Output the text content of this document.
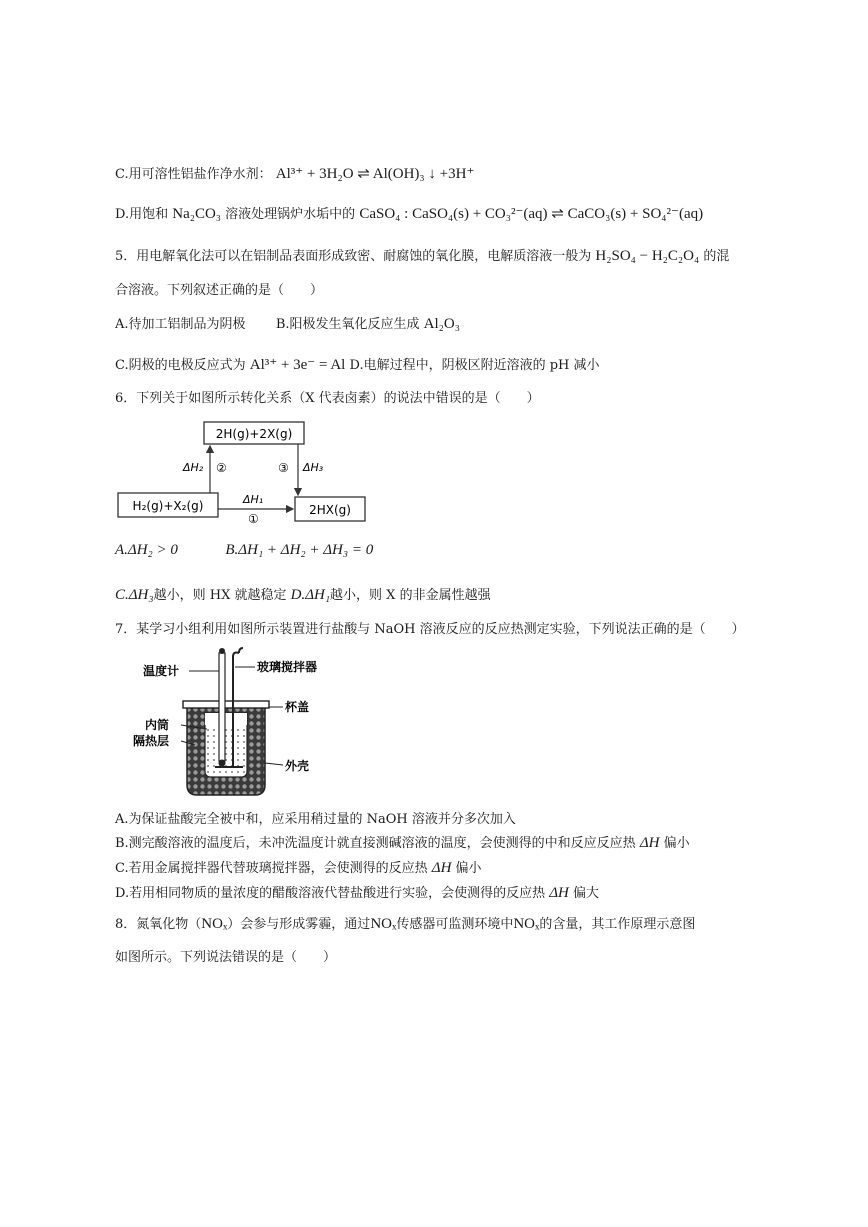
C.用可溶性铝盐作净水剂： Al³⁺ + 3H₂O ⇌ Al(OH)₃ ↓ +3H⁺
D.用饱和 Na₂CO₃ 溶液处理锅炉水垢中的 CaSO₄ : CaSO₄(s) + CO₃²⁻(aq) ⇌ CaCO₃(s) + SO₄²⁻(aq)
5．用电解氧化法可以在铝制品表面形成致密、耐腐蚀的氧化膜，电解质溶液一般为 H₂SO₄ − H₂C₂O₄ 的混
合溶液。下列叙述正确的是（　　）
A.待加工铝制品为阴极 B.阳极发生氧化反应生成 Al₂O₃
C.阴极的电极反应式为 Al³⁺ + 3e⁻ = Al D.电解过程中，阴极区附近溶液的 pH 减小
6．下列关于如图所示转化关系（X 代表卤素）的说法中错误的是（　　）
2H(g)+2X(g)
H₂(g)+X₂(g)	2HX(g)
ΔH₂ ②	③ ΔH₃
ΔH₁
①
A.ΔH₂ > 0	B.ΔH₁ + ΔH₂ + ΔH₃ = 0
C.ΔH₃越小，则 HX 就越稳定 D.ΔH₁越小，则 X 的非金属性越强
7．某学习小组利用如图所示装置进行盐酸与 NaOH 溶液反应的反应热测定实验，下列说法正确的是（　　）
温度计	玻璃搅拌器
杯盖
内筒
隔热层
外壳
A.为保证盐酸完全被中和，应采用稍过量的 NaOH 溶液并分多次加入
B.测完酸溶液的温度后，未冲洗温度计就直接测碱溶液的温度，会使测得的中和反应反应热 ΔH 偏小
C.若用金属搅拌器代替玻璃搅拌器，会使测得的反应热 ΔH 偏小
D.若用相同物质的量浓度的醋酸溶液代替盐酸进行实验，会使测得的反应热 ΔH 偏大
8．氮氧化物（NOₓ）会参与形成雾霾，通过NOₓ传感器可监测环境中NOₓ的含量，其工作原理示意图
如图所示。下列说法错误的是（　　）
